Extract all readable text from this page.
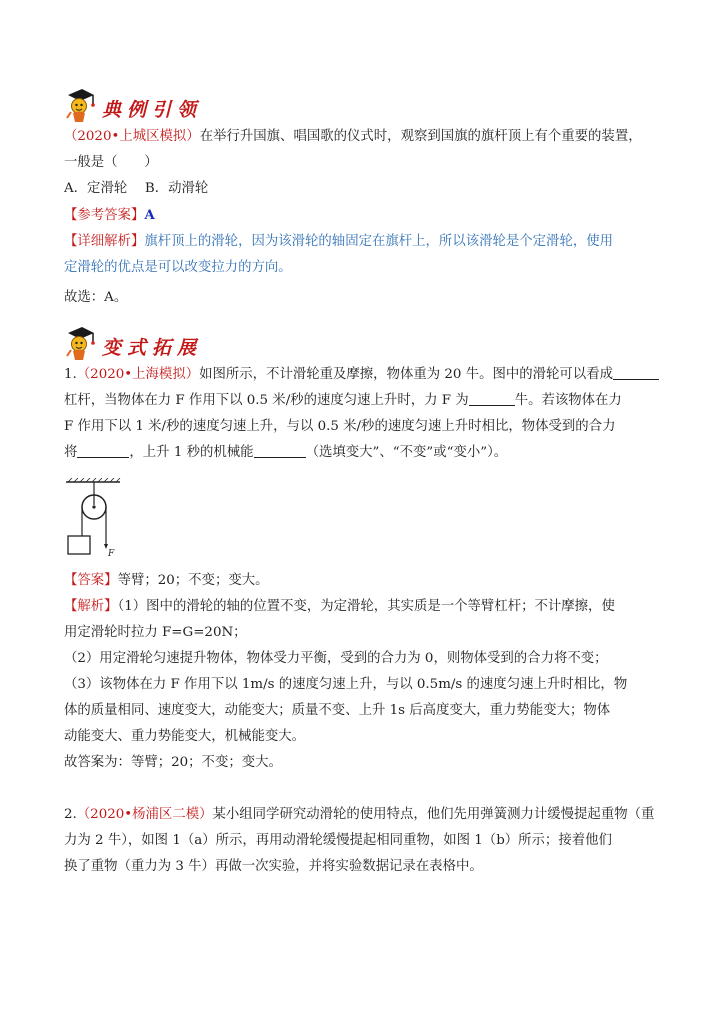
典例引领
（2020•上城区模拟）在举行升国旗、唱国歌的仪式时，观察到国旗的旗杆顶上有个重要的装置，
一般是（　　）
A．定滑轮　 B．动滑轮
【参考答案】A
【详细解析】旗杆顶上的滑轮，因为该滑轮的轴固定在旗杆上，所以该滑轮是个定滑轮，使用
定滑轮的优点是可以改变拉力的方向。
故选：A。
变式拓展
1.（2020•上海模拟）如图所示，不计滑轮重及摩擦，物体重为 20 牛。图中的滑轮可以看成
杠杆，当物体在力 F 作用下以 0.5 米/秒的速度匀速上升时，力 F 为	牛。若该物体在力
F 作用下以 1 米/秒的速度匀速上升，与以 0.5 米/秒的速度匀速上升时相比，物体受到的合力
将	，上升 1 秒的机械能	（选填变大”、“不变”或“变小”）。
F
【答案】等臂；20；不变；变大。
【解析】（1）图中的滑轮的轴的位置不变，为定滑轮，其实质是一个等臂杠杆；不计摩擦，使
用定滑轮时拉力 F=G=20N；
（2）用定滑轮匀速提升物体，物体受力平衡，受到的合力为 0，则物体受到的合力将不变；
（3）该物体在力 F 作用下以 1m/s 的速度匀速上升，与以 0.5m/s 的速度匀速上升时相比，物
体的质量相同、速度变大，动能变大；质量不变、上升 1s 后高度变大，重力势能变大；物体
动能变大、重力势能变大，机械能变大。
故答案为：等臂；20；不变；变大。
2.（2020•杨浦区二模）某小组同学研究动滑轮的使用特点，他们先用弹簧测力计缓慢提起重物（重
力为 2 牛），如图 1（a）所示，再用动滑轮缓慢提起相同重物，如图 1（b）所示；接着他们
换了重物（重力为 3 牛）再做一次实验，并将实验数据记录在表格中。
